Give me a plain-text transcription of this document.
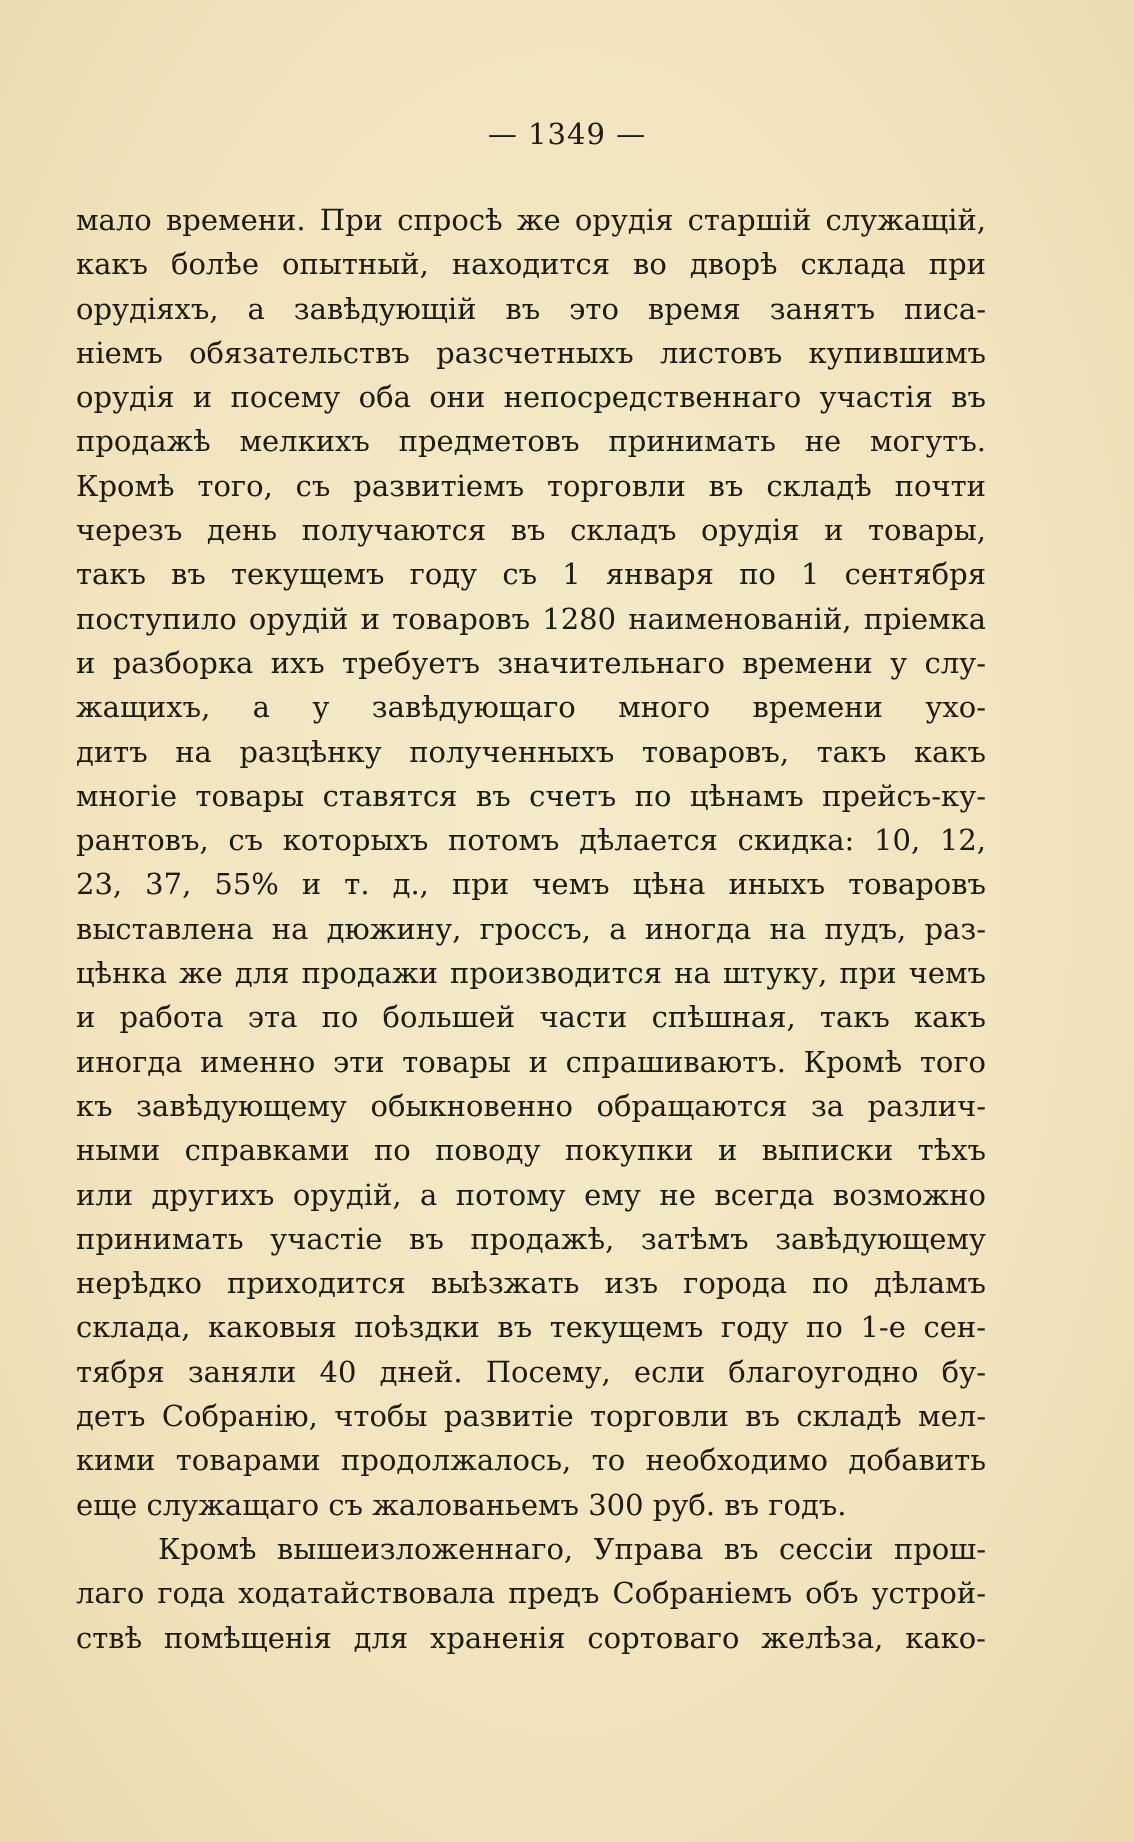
— 1349 —
мало времени. При спросѣ же орудія старшій служащій,
какъ болѣе опытный, находится во дворѣ склада при
орудіяхъ, а завѣдующій въ это время занятъ писа-
ніемъ обязательствъ разсчетныхъ листовъ купившимъ
орудія и посему оба они непосредственнаго участія въ
продажѣ мелкихъ предметовъ принимать не могутъ.
Кромѣ того, съ развитіемъ торговли въ складѣ почти
черезъ день получаются въ складъ орудія и товары,
такъ въ текущемъ году съ 1 января по 1 сентября
поступило орудій и товаровъ 1280 наименованій, пріемка
и разборка ихъ требуетъ значительнаго времени у слу-
жащихъ, а у завѣдующаго много времени ухо-
дитъ на разцѣнку полученныхъ товаровъ, такъ какъ
многіе товары ставятся въ счетъ по цѣнамъ прейсъ-ку-
рантовъ, съ которыхъ потомъ дѣлается скидка: 10, 12,
23, 37, 55% и т. д., при чемъ цѣна иныхъ товаровъ
выставлена на дюжину, гроссъ, а иногда на пудъ, раз-
цѣнка же для продажи производится на штуку, при чемъ
и работа эта по большей части спѣшная, такъ какъ
иногда именно эти товары и спрашиваютъ. Кромѣ того
къ завѣдующему обыкновенно обращаются за различ-
ными справками по поводу покупки и выписки тѣхъ
или другихъ орудій, а потому ему не всегда возможно
принимать участіе въ продажѣ, затѣмъ завѣдующему
нерѣдко приходится выѣзжать изъ города по дѣламъ
склада, каковыя поѣздки въ текущемъ году по 1-е сен-
тября заняли 40 дней. Посему, если благоугодно бу-
детъ Собранію, чтобы развитіе торговли въ складѣ мел-
кими товарами продолжалось, то необходимо добавить
еще служащаго съ жалованьемъ 300 руб. въ годъ.
Кромѣ вышеизложеннаго, Управа въ сессіи прош-
лаго года ходатайствовала предъ Собраніемъ объ устрой-
ствѣ помѣщенія для храненія сортоваго желѣза, како-
